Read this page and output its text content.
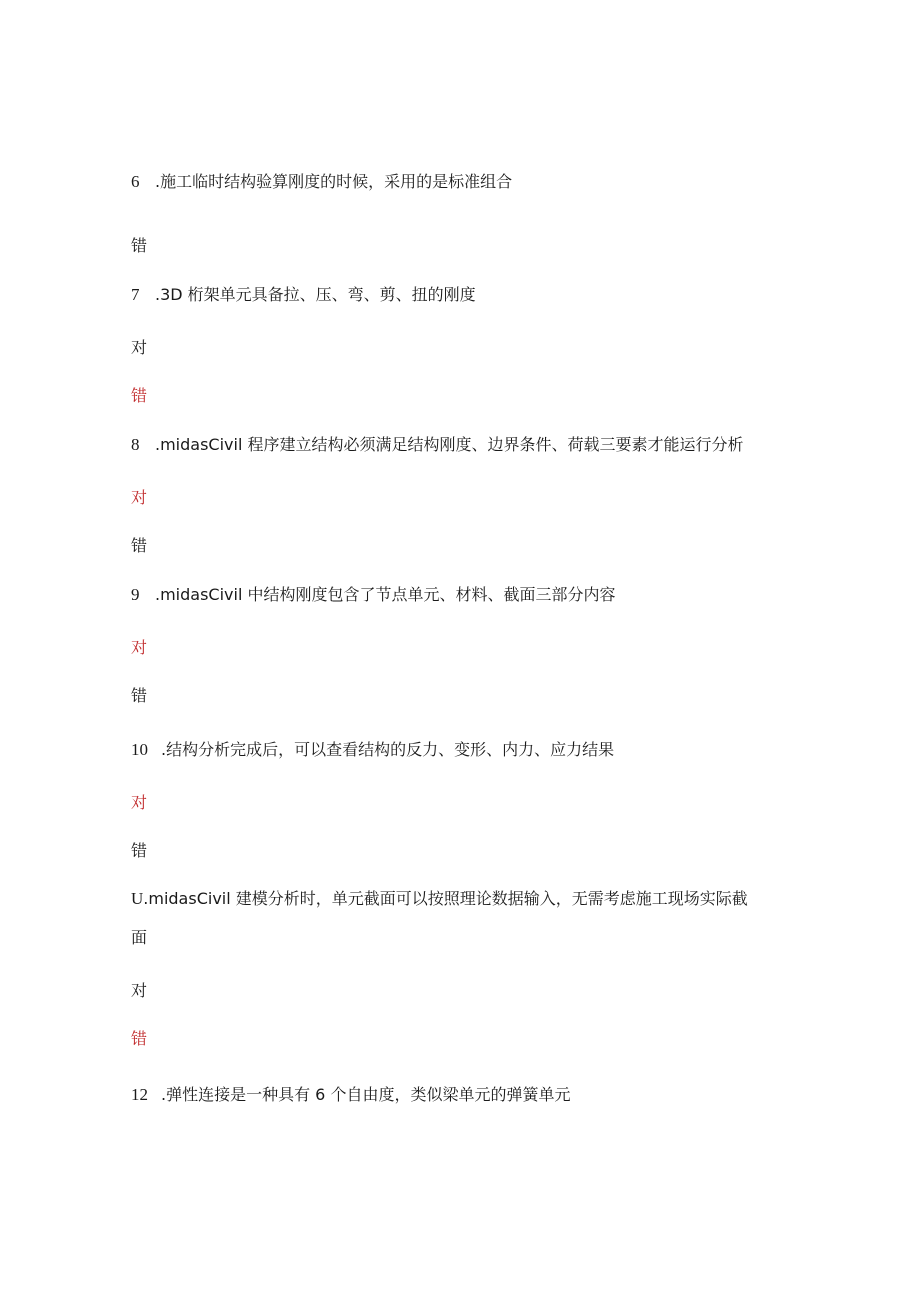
6 .施工临时结构验算刚度的时候，采用的是标准组合
错
7 .3D 桁架单元具备拉、压、弯、剪、扭的刚度
对
错
8 .midasCivil 程序建立结构必须满足结构刚度、边界条件、荷载三要素才能运行分析
对
错
9 .midasCivil 中结构刚度包含了节点单元、材料、截面三部分内容
对
错
10 .结构分析完成后，可以查看结构的反力、变形、内力、应力结果
对
错
U.midasCivil 建模分析时，单元截面可以按照理论数据输入，无需考虑施工现场实际截
面
对
错
12 .弹性连接是一种具有 6 个自由度，类似梁单元的弹簧单元
